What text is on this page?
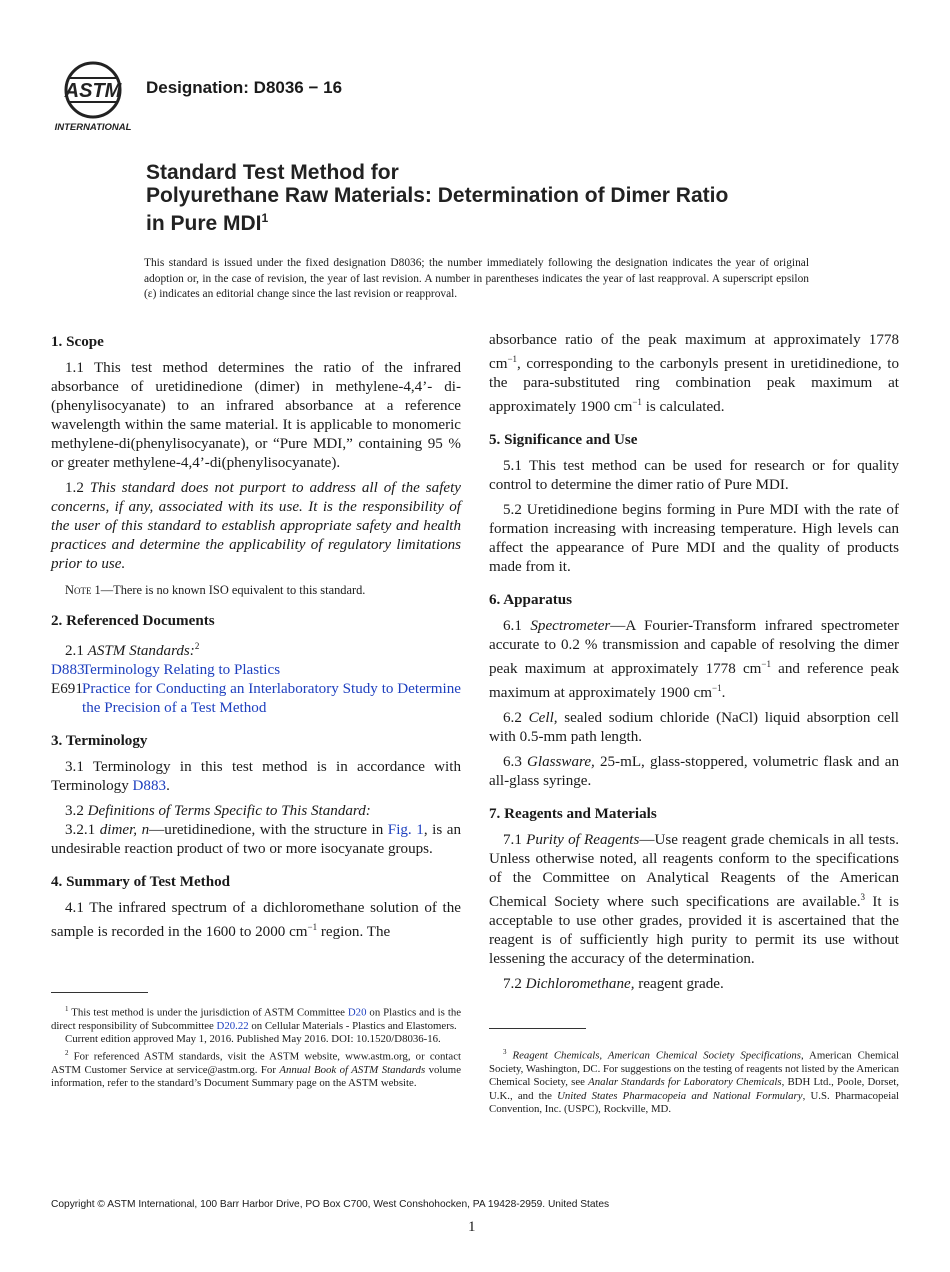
ASTM
INTERNATIONAL
Designation: D8036 − 16
Standard Test Method for
Polyurethane Raw Materials: Determination of Dimer Ratio
in Pure MDI$^1$
This standard is issued under the fixed designation D8036; the number immediately following the designation indicates the year of original adoption or, in the case of revision, the year of last revision. A number in parentheses indicates the year of last reapproval. A superscript epsilon (ε) indicates an editorial change since the last revision or reapproval.
1. Scope

1.1 This test method determines the ratio of the infrared absorbance of uretidinedione (dimer) in methylene-4,4’- di-(phenylisocyanate) to an infrared absorbance at a reference wavelength within the same material. It is applicable to monomeric methylene-di(phenylisocyanate), or “Pure MDI,” containing 95 % or greater methylene-4,4’-di(phenylisocyanate).

1.2 This standard does not purport to address all of the safety concerns, if any, associated with its use. It is the responsibility of the user of this standard to establish appropriate safety and health practices and determine the applicability of regulatory limitations prior to use.

Note 1—There is no known ISO equivalent to this standard.

2. Referenced Documents

2.1 ASTM Standards:$^2$

D883
Terminology Relating to Plastics
E691 Practice for Conducting an Interlaboratory Study to Determine the Precision of a Test Method
3. Terminology

3.1 Terminology in this test method is in accordance with Terminology D883.

3.2 Definitions of Terms Specific to This Standard:

3.2.1 dimer, n—uretidinedione, with the structure in Fig. 1, is an undesirable reaction product of two or more isocyanate groups.

4. Summary of Test Method

4.1 The infrared spectrum of a dichloromethane solution of the sample is recorded in the 1600 to 2000 $cm^{-1}$ region. The

absorbance ratio of the peak maximum at approximately 1778 $cm^{-1}$, corresponding to the carbonyls present in uretidinedione, to the para-substituted ring combination peak maximum at approximately 1900 $cm^{-1}$ is calculated.

5. Significance and Use

5.1 This test method can be used for research or for quality control to determine the dimer ratio of Pure MDI.

5.2 Uretidinedione begins forming in Pure MDI with the rate of formation increasing with increasing temperature. High levels can affect the appearance of Pure MDI and the quality of products made from it.

6. Apparatus

6.1 Spectrometer—A Fourier-Transform infrared spectrometer accurate to 0.2 % transmission and capable of resolving the dimer peak maximum at approximately 1778 $cm^{-1}$ and reference peak maximum at approximately 1900 $cm^{-1}$.

6.2 Cell, sealed sodium chloride (NaCl) liquid absorption cell with 0.5-mm path length.

6.3 Glassware, 25-mL, glass-stoppered, volumetric flask and an all-glass syringe.

7. Reagents and Materials

7.1 Purity of Reagents—Use reagent grade chemicals in all tests. Unless otherwise noted, all reagents conform to the specifications of the Committee on Analytical Reagents of the American Chemical Society where such specifications are available.$^3$ It is acceptable to use other grades, provided it is ascertained that the reagent is of sufficiently high purity to permit its use without lessening the accuracy of the determination.

7.2 Dichloromethane, reagent grade.

$^1$ This test method is under the jurisdiction of ASTM Committee D20 on Plastics and is the direct responsibility of Subcommittee D20.22 on Cellular Materials - Plastics and Elastomers.

Current edition approved May 1, 2016. Published May 2016. DOI: 10.1520/D8036-16.

$^2$ For referenced ASTM standards, visit the ASTM website, www.astm.org, or contact ASTM Customer Service at service@astm.org. For Annual Book of ASTM Standards volume information, refer to the standard’s Document Summary page on the ASTM website.

$^3$ Reagent Chemicals, American Chemical Society Specifications, American Chemical Society, Washington, DC. For suggestions on the testing of reagents not listed by the American Chemical Society, see Analar Standards for Laboratory Chemicals, BDH Ltd., Poole, Dorset, U.K., and the United States Pharmacopeia and National Formulary, U.S. Pharmacopeial Convention, Inc. (USPC), Rockville, MD.

Copyright © ASTM International, 100 Barr Harbor Drive, PO Box C700, West Conshohocken, PA 19428-2959. United States
1
